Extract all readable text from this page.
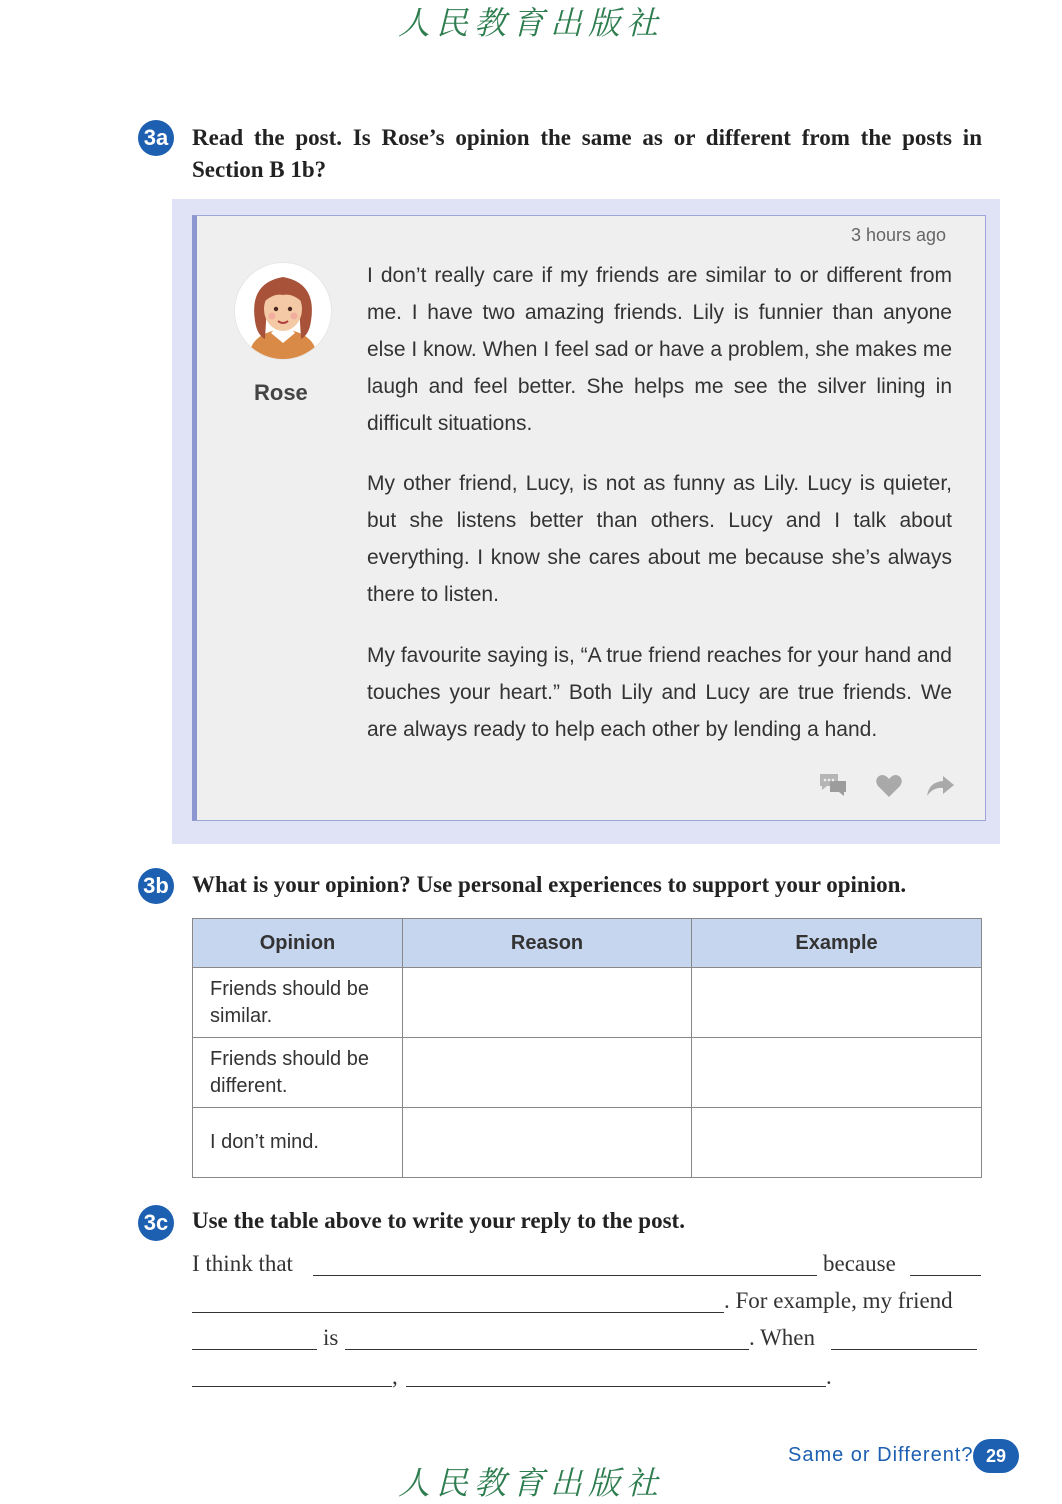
人民教育出版社
3a Read the post. Is Rose’s opinion the same as or different from the posts in
Section B 1b?
3 hours ago
Rose
I don’t really care if my friends are similar to or different from me. I have two amazing friends. Lily is funnier than anyone else I know. When I feel sad or have a problem, she makes me laugh and feel better. She helps me see the silver lining in difficult situations.
My other friend, Lucy, is not as funny as Lily. Lucy is quieter, but she listens better than others. Lucy and I talk about everything. I know she cares about me because she’s always there to listen.
My favourite saying is, “A true friend reaches for your hand and touches your heart.” Both Lily and Lucy are true friends. We are always ready to help each other by lending a hand.
3b What is your opinion? Use personal experiences to support your opinion.
Opinion	Reason	Example
Friends should be similar.		
Friends should be different.		
I don’t mind.		
3c Use the table above to write your reply to the post.
I think that	because
. For example, my friend
is	. When
,	.
Same or Different? 29
人民教育出版社
